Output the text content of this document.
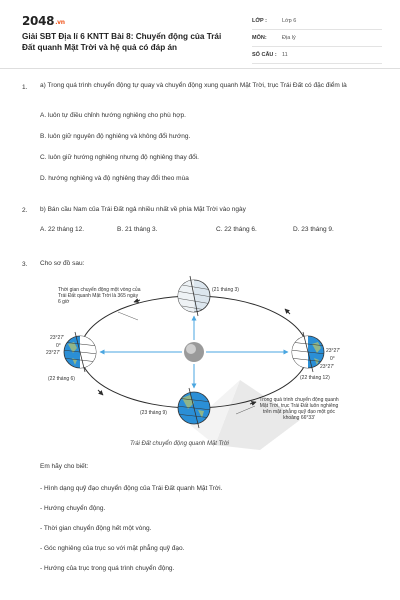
2048.vn
Giải SBT Địa lí 6 KNTT Bài 8: Chuyển động của Trái Đất quanh Mặt Trời và hệ quả có đáp án
LỚP :	Lớp 6
MÔN:	Địa lý
SỐ CÂU : 11
1. a) Trong quá trình chuyển động tự quay và chuyển động xung quanh Mặt Trời, trục Trái Đất có đặc điểm là
A. luôn tự điều chỉnh hướng nghiêng cho phù hợp.
B. luôn giữ nguyên độ nghiêng và không đổi hướng.
C. luôn giữ hướng nghiêng nhưng độ nghiêng thay đổi.
D. hướng nghiêng và độ nghiêng thay đổi theo mùa
2. b) Bán cầu Nam của Trái Đất ngả nhiều nhất về phía Mặt Trời vào ngày
A. 22 tháng 12.	B. 21 tháng 3.	C. 22 tháng 6.	D. 23 tháng 9.
3. Cho sơ đồ sau:
Thời gian chuyển động một vòng của Trái Đất quanh Mặt Trời là 365 ngày 6 giờ
(21 tháng 3)
23°27'
0°
23°27'
(22 tháng 6)
23°27'
0°
23°27'
(22 tháng 12)
(23 tháng 9)
Trong quá trình chuyển động quanh Mặt Trời, trục Trái Đất luôn nghiêng trên mặt phẳng quỹ đạo một góc khoảng 66°33'
Trái Đất chuyển động quanh Mặt Trời
Em hãy cho biết:
- Hình dạng quỹ đạo chuyển động của Trái Đất quanh Mặt Trời.
- Hướng chuyển động.
- Thời gian chuyển động hết một vòng.
- Góc nghiêng của trục so với mặt phẳng quỹ đạo.
- Hướng của trục trong quá trình chuyển động.
